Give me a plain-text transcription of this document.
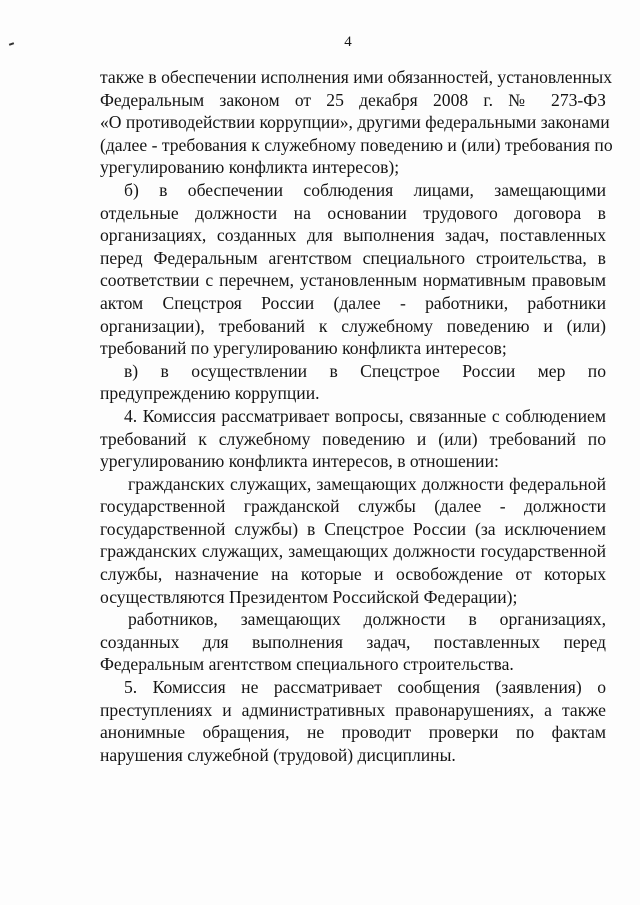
4
также в обеспечении исполнения ими обязанностей, установленных
Федеральным законом от 25 декабря 2008 г. № 273-ФЗ
«О противодействии коррупции», другими федеральными законами
(далее - требования к служебному поведению и (или) требования по
урегулированию конфликта интересов);
б) в обеспечении соблюдения лицами, замещающими
отдельные должности на основании трудового договора в
организациях, созданных для выполнения задач, поставленных
перед Федеральным агентством специального строительства, в
соответствии с перечнем, установленным нормативным правовым
актом Спецстроя России (далее - работники, работники
организации), требований к служебному поведению и (или)
требований по урегулированию конфликта интересов;
в) в осуществлении в Спецстрое России мер по
предупреждению коррупции.
4. Комиссия рассматривает вопросы, связанные с соблюдением
требований к служебному поведению и (или) требований по
урегулированию конфликта интересов, в отношении:
гражданских служащих, замещающих должности федеральной
государственной гражданской службы (далее - должности
государственной службы) в Спецстрое России (за исключением
гражданских служащих, замещающих должности государственной
службы, назначение на которые и освобождение от которых
осуществляются Президентом Российской Федерации);
работников, замещающих должности в организациях,
созданных для выполнения задач, поставленных перед
Федеральным агентством специального строительства.
5. Комиссия не рассматривает сообщения (заявления) о
преступлениях и административных правонарушениях, а также
анонимные обращения, не проводит проверки по фактам
нарушения служебной (трудовой) дисциплины.
